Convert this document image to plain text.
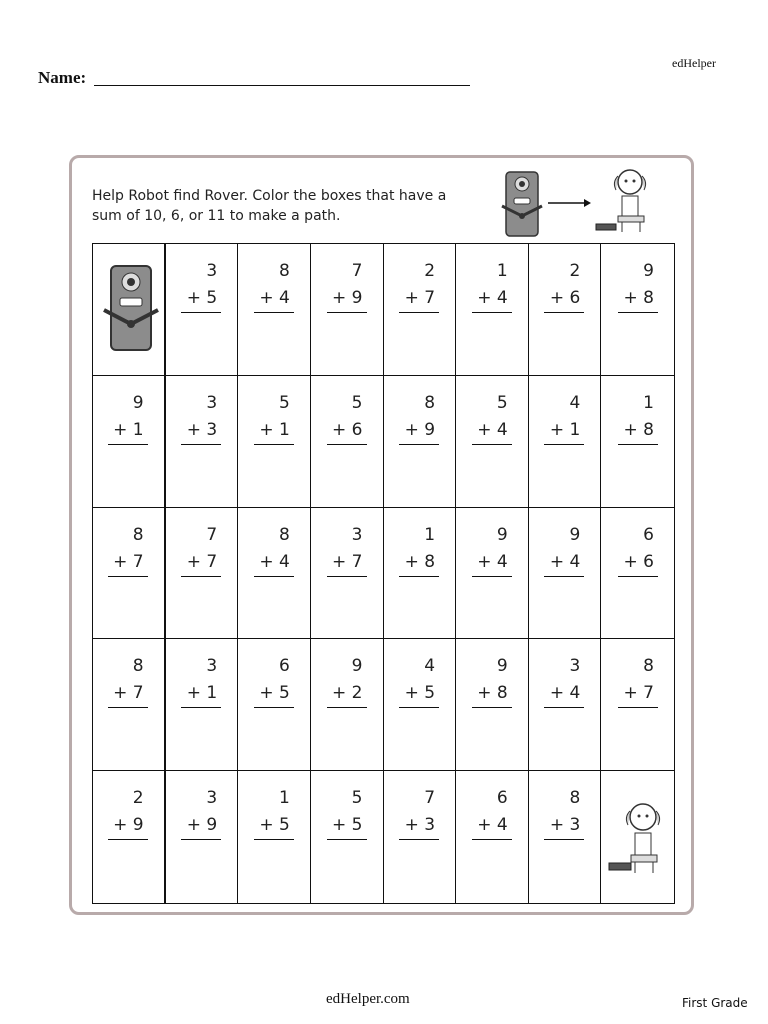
edHelper
Name:
Help Robot find Rover. Color the boxes that have a sum of 10, 6, or 11 to make a path.
3
+ 5
8
+ 4
7
+ 9
2
+ 7
1
+ 4
2
+ 6
9
+ 8
9
+ 1
3
+ 3
5
+ 1
5
+ 6
8
+ 9
5
+ 4
4
+ 1
1
+ 8
8
+ 7
7
+ 7
8
+ 4
3
+ 7
1
+ 8
9
+ 4
9
+ 4
6
+ 6
8
+ 7
3
+ 1
6
+ 5
9
+ 2
4
+ 5
9
+ 8
3
+ 4
8
+ 7
2
+ 9
3
+ 9
1
+ 5
5
+ 5
7
+ 3
6
+ 4
8
+ 3
edHelper.com	First Grade
